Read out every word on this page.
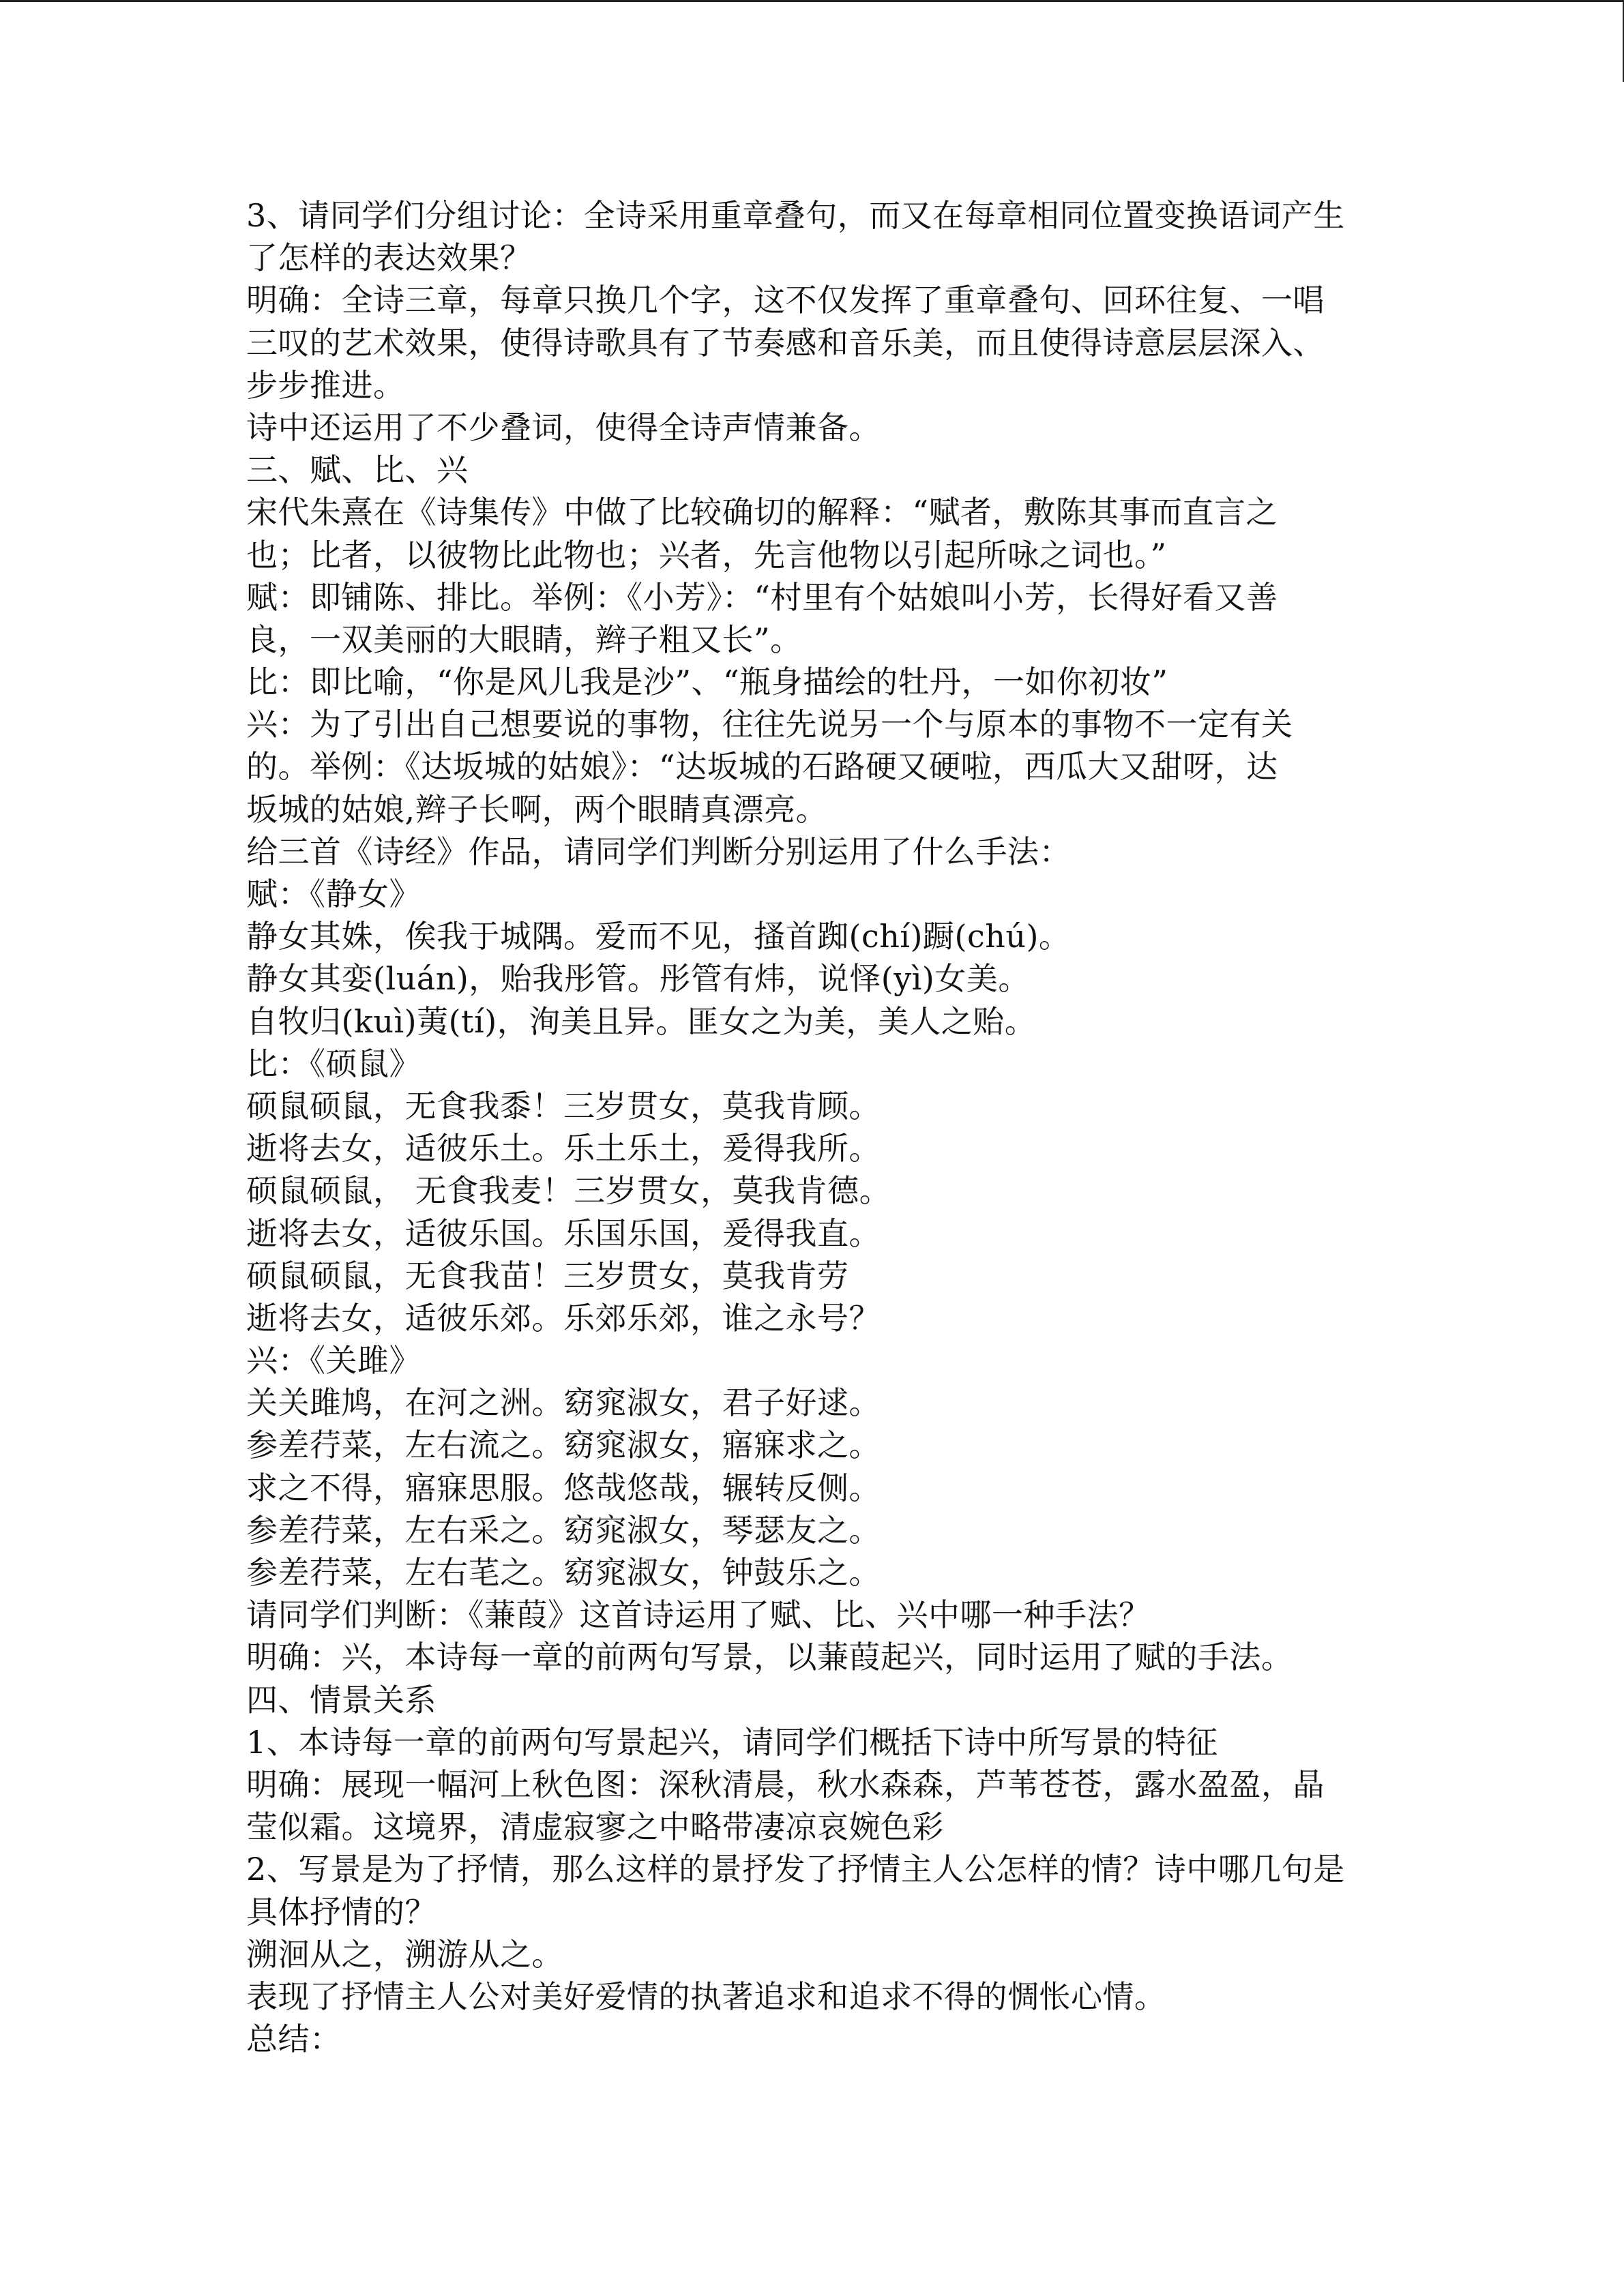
3、请同学们分组讨论：全诗采用重章叠句，而又在每章相同位置变换语词产生
了怎样的表达效果？
明确：全诗三章，每章只换几个字，这不仅发挥了重章叠句、回环往复、一唱
三叹的艺术效果，使得诗歌具有了节奏感和音乐美，而且使得诗意层层深入、
步步推进。
诗中还运用了不少叠词，使得全诗声情兼备。
三、赋、比、兴
宋代朱熹在《诗集传》中做了比较确切的解释：“赋者，敷陈其事而直言之
也；比者，以彼物比此物也；兴者，先言他物以引起所咏之词也。”
赋：即铺陈、排比。举例：《小芳》：“村里有个姑娘叫小芳，长得好看又善
良，一双美丽的大眼睛，辫子粗又长”。
比：即比喻，“你是风儿我是沙”、“瓶身描绘的牡丹，一如你初妆”
兴：为了引出自己想要说的事物，往往先说另一个与原本的事物不一定有关
的。举例：《达坂城的姑娘》：“达坂城的石路硬又硬啦，西瓜大又甜呀，达
坂城的姑娘,辫子长啊，两个眼睛真漂亮。
给三首《诗经》作品，请同学们判断分别运用了什么手法：
赋：《静女》
静女其姝，俟我于城隅。爱而不见，搔首踟(chí)蹰(chú)。
静女其娈(luán)，贻我彤管。彤管有炜，说怿(yì)女美。
自牧归(kuì)荑(tí)，洵美且异。匪女之为美，美人之贻。
比：《硕鼠》
硕鼠硕鼠，无食我黍！三岁贯女，莫我肯顾。
逝将去女，适彼乐土。乐土乐土，爰得我所。
硕鼠硕鼠， 无食我麦！三岁贯女，莫我肯德。
逝将去女，适彼乐国。乐国乐国，爰得我直。
硕鼠硕鼠，无食我苗！三岁贯女，莫我肯劳
逝将去女，适彼乐郊。乐郊乐郊，谁之永号？
兴：《关雎》
关关雎鸠，在河之洲。窈窕淑女，君子好逑。
参差荇菜，左右流之。窈窕淑女，寤寐求之。
求之不得，寤寐思服。悠哉悠哉，辗转反侧。
参差荇菜，左右采之。窈窕淑女，琴瑟友之。
参差荇菜，左右芼之。窈窕淑女，钟鼓乐之。
请同学们判断：《蒹葭》这首诗运用了赋、比、兴中哪一种手法？
明确：兴，本诗每一章的前两句写景，以蒹葭起兴，同时运用了赋的手法。
四、情景关系
1、本诗每一章的前两句写景起兴，请同学们概括下诗中所写景的特征
明确：展现一幅河上秋色图：深秋清晨，秋水森森，芦苇苍苍，露水盈盈，晶
莹似霜。这境界，清虚寂寥之中略带凄凉哀婉色彩
2、写景是为了抒情，那么这样的景抒发了抒情主人公怎样的情？诗中哪几句是
具体抒情的？
溯洄从之，溯游从之。
表现了抒情主人公对美好爱情的执著追求和追求不得的惆怅心情。
总结：
